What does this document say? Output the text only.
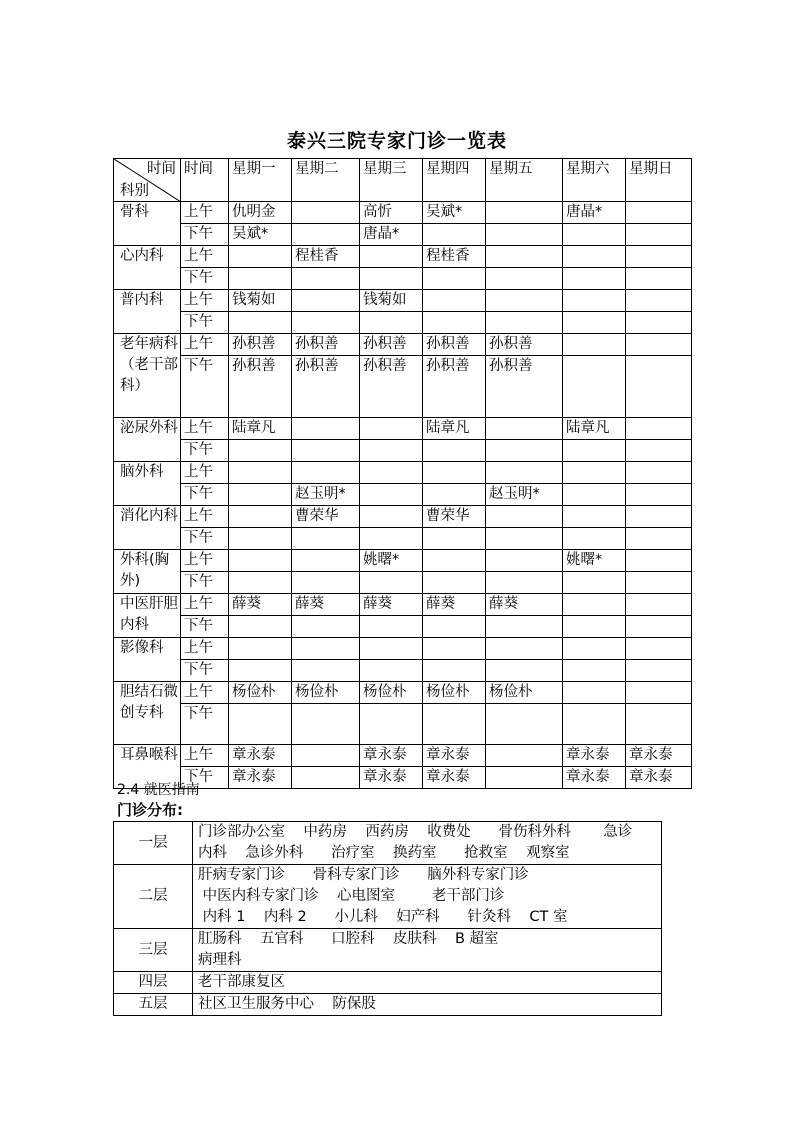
泰兴三院专家门诊一览表
时间
科别	时间	星期一	星期二	星期三	星期四	星期五	星期六	星期日
骨科	上午	仇明金		高忻	吴斌*		唐晶*	
	下午	吴斌*		唐晶*				
心内科	上午		程桂香		程桂香			
	下午							
普内科	上午	钱菊如		钱菊如				
	下午							
老年病科（老干部科）	上午	孙积善	孙积善	孙积善	孙积善	孙积善		
	下午	孙积善	孙积善	孙积善	孙积善	孙积善		
泌尿外科	上午	陆章凡			陆章凡		陆章凡	
	下午							
脑外科	上午							
	下午		赵玉明*			赵玉明*		
消化内科	上午		曹荣华		曹荣华			
	下午							
外科(胸外)	上午			姚曙*			姚曙*	
	下午							
中医肝胆内科	上午	薛葵	薛葵	薛葵	薛葵	薛葵		
	下午							
影像科	上午							
	下午							
胆结石微创专科	上午	杨俭朴	杨俭朴	杨俭朴	杨俭朴	杨俭朴		
	下午							
耳鼻喉科	上午	章永泰		章永泰	章永泰		章永泰	章永泰
	下午	章永泰		章永泰	章永泰		章永泰	章永泰
2.4 就医指南
门诊分布:
一层	门诊部办公室    中药房    西药房    收费处      骨伤科外科       急诊
内科    急诊外科      治疗室    换药室      抢救室    观察室

二层	肝病专家门诊      骨科专家门诊      脑外科专家门诊
中医内科专家门诊    心电图室        老干部门诊
内科 1    内科 2      小儿科    妇产科      针灸科    CT 室

三层	肛肠科    五官科      口腔科    皮肤科    B 超室
病理科

四层	老干部康复区

五层	社区卫生服务中心    防保股
